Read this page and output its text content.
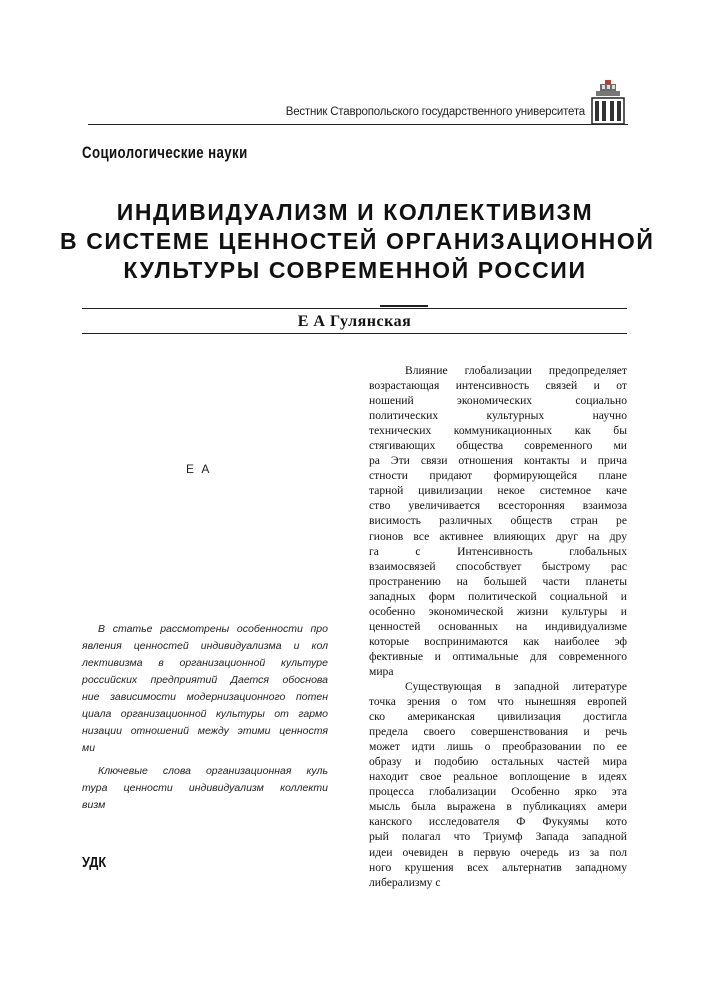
Вестник Ставропольского государственного университета
Социологические науки
ИНДИВИДУАЛИЗМ И КОЛЛЕКТИВИЗМ
В СИСТЕМЕ ЦЕННОСТЕЙ ОРГАНИЗАЦИОННОЙ
КУЛЬТУРЫ СОВРЕМЕННОЙ РОССИИ
Е А Гулянская
Е А
В статье рассмотрены особенности про
явления ценностей индивидуализма и кол
лективизма в организационной культуре
российских предприятий Дается обоснова
ние зависимости модернизационного потен
циала организационной культуры от гармо
низации отношений между этими ценностя
ми
Ключевые слова организационная куль
тура ценности индивидуализм коллекти
визм
УДК
Влияние глобализации предопределяет
возрастающая интенсивность связей и от
ношений экономических социально
политических культурных научно
технических коммуникационных как бы
стягивающих общества современного ми
ра Эти связи отношения контакты и прича
стности придают формирующейся плане
тарной цивилизации некое системное каче
ство увеличивается всесторонняя взаимоза
висимость различных обществ стран ре
гионов все активнее влияющих друг на дру
га с Интенсивность глобальных
взаимосвязей способствует быстрому рас
пространению на большей части планеты
западных форм политической социальной и
особенно экономической жизни культуры и
ценностей основанных на индивидуализме
которые воспринимаются как наиболее эф
фективные и оптимальные для современного
мира
Существующая в западной литературе
точка зрения о том что нынешняя европей
ско американская цивилизация достигла
предела своего совершенствования и речь
может идти лишь о преобразовании по ее
образу и подобию остальных частей мира
находит свое реальное воплощение в идеях
процесса глобализации Особенно ярко эта
мысль была выражена в публикациях амери
канского исследователя Ф Фукуямы кото
рый полагал что Триумф Запада западной
идеи очевиден в первую очередь из за пол
ного крушения всех альтернатив западному
либерализму с
